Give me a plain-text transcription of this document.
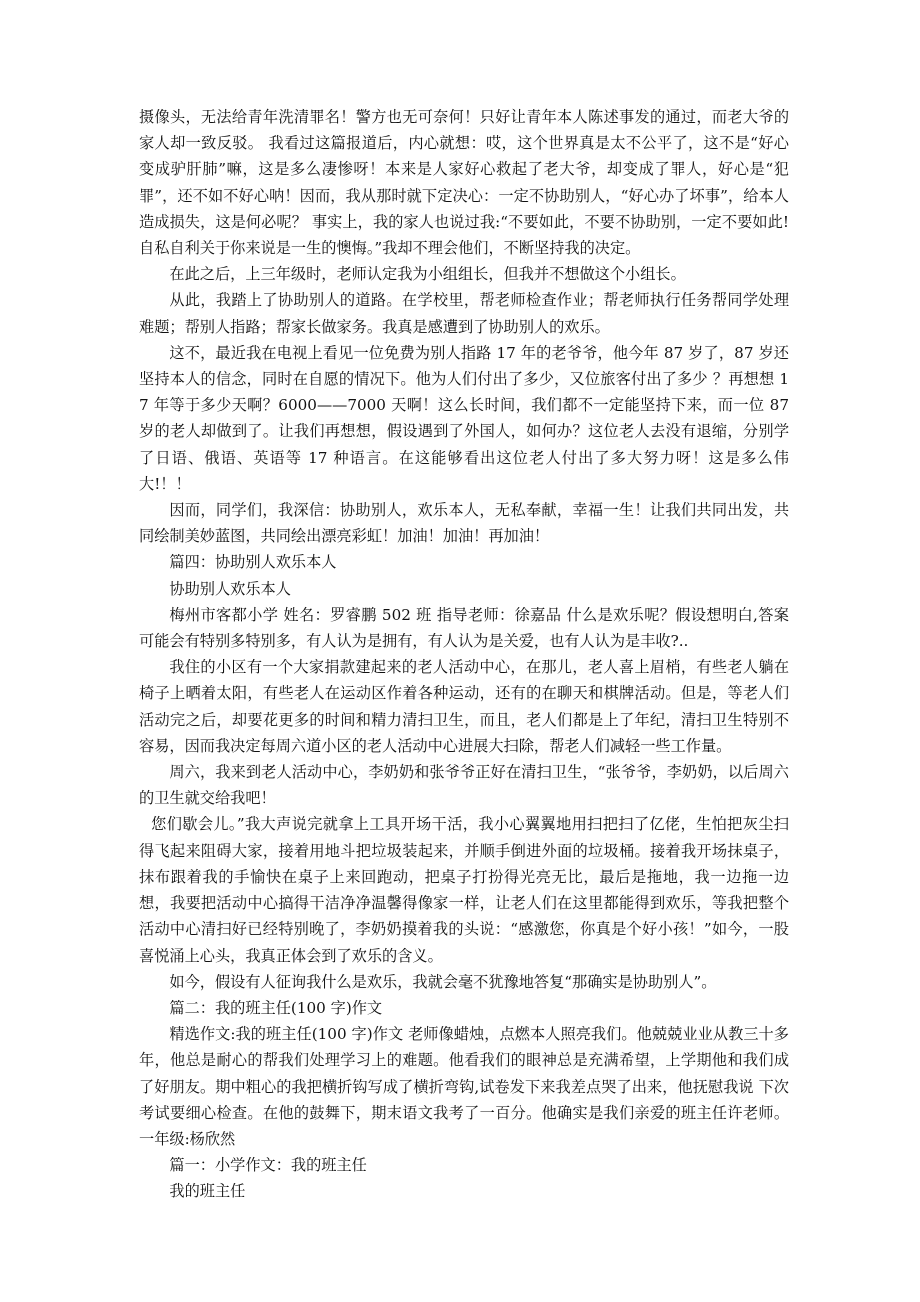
摄像头，无法给青年洗清罪名！警方也无可奈何！只好让青年本人陈述事发的通过，而老大爷的家人却一致反驳。 我看过这篇报道后，内心就想：哎，这个世界真是太不公平了，这不是“好心变成驴肝肺”嘛，这是多么凄惨呀！本来是人家好心救起了老大爷，却变成了罪人，好心是“犯罪”，还不如不好心呐！因而，我从那时就下定决心：一定不协助别人，“好心办了坏事”，给本人造成损失，这是何必呢？ 事实上，我的家人也说过我:“不要如此，不要不协助别，一定不要如此!自私自利关于你来说是一生的懊悔。”我却不理会他们，不断坚持我的决定。

在此之后，上三年级时，老师认定我为小组组长，但我并不想做这个小组长。

从此，我踏上了协助别人的道路。在学校里，帮老师检查作业；帮老师执行任务帮同学处理难题；帮别人指路；帮家长做家务。我真是感遭到了协助别人的欢乐。

这不，最近我在电视上看见一位免费为别人指路 17 年的老爷爷，他今年 87 岁了，87 岁还坚持本人的信念，同时在自愿的情况下。他为人们付出了多少，又位旅客付出了多少 ？再想想 17 年等于多少天啊？6000——7000 天啊！这么长时间，我们都不一定能坚持下来，而一位 87 岁的老人却做到了。让我们再想想，假设遇到了外国人，如何办？这位老人去没有退缩，分别学了日语、俄语、英语等 17 种语言。在这能够看出这位老人付出了多大努力呀！这是多么伟大!！！

因而，同学们，我深信：协助别人，欢乐本人，无私奉献，幸福一生！让我们共同出发，共同绘制美妙蓝图，共同绘出漂亮彩虹！加油！加油！再加油！

篇四：协助别人欢乐本人

协助别人欢乐本人

梅州市客都小学 姓名：罗睿鹏 502 班 指导老师：徐嘉品 什么是欢乐呢？假设想明白,答案可能会有特别多特别多，有人认为是拥有，有人认为是关爱，也有人认为是丰收?..

我住的小区有一个大家捐款建起来的老人活动中心，在那儿，老人喜上眉梢，有些老人躺在椅子上晒着太阳，有些老人在运动区作着各种运动，还有的在聊天和棋牌活动。但是，等老人们活动完之后，却要花更多的时间和精力清扫卫生，而且，老人们都是上了年纪，清扫卫生特别不容易，因而我决定每周六道小区的老人活动中心进展大扫除，帮老人们减轻一些工作量。

周六，我来到老人活动中心，李奶奶和张爷爷正好在清扫卫生，“张爷爷，李奶奶，以后周六的卫生就交给我吧！

您们歇会儿。”我大声说完就拿上工具开场干活，我小心翼翼地用扫把扫了亿佬，生怕把灰尘扫得飞起来阻碍大家，接着用地斗把垃圾装起来，并顺手倒进外面的垃圾桶。接着我开场抹桌子，抹布跟着我的手愉快在桌子上来回跑动，把桌子打扮得光亮无比，最后是拖地，我一边拖一边想，我要把活动中心搞得干洁净净温馨得像家一样，让老人们在这里都能得到欢乐，等我把整个活动中心清扫好已经特别晚了，李奶奶摸着我的头说：“感激您，你真是个好小孩！”如今，一股喜悦涌上心头，我真正体会到了欢乐的含义。

如今，假设有人征询我什么是欢乐，我就会毫不犹豫地答复“那确实是协助别人”。

篇二：我的班主任(100 字)作文

精选作文:我的班主任(100 字)作文 老师像蜡烛，点燃本人照亮我们。他兢兢业业从教三十多年，他总是耐心的帮我们处理学习上的难题。他看我们的眼神总是充满希望，上学期他和我们成了好朋友。期中粗心的我把横折钩写成了横折弯钩,试卷发下来我差点哭了出来，他抚慰我说 下次考试要细心检查。在他的鼓舞下，期末语文我考了一百分。他确实是我们亲爱的班主任许老师。一年级:杨欣然

篇一：小学作文：我的班主任

我的班主任
